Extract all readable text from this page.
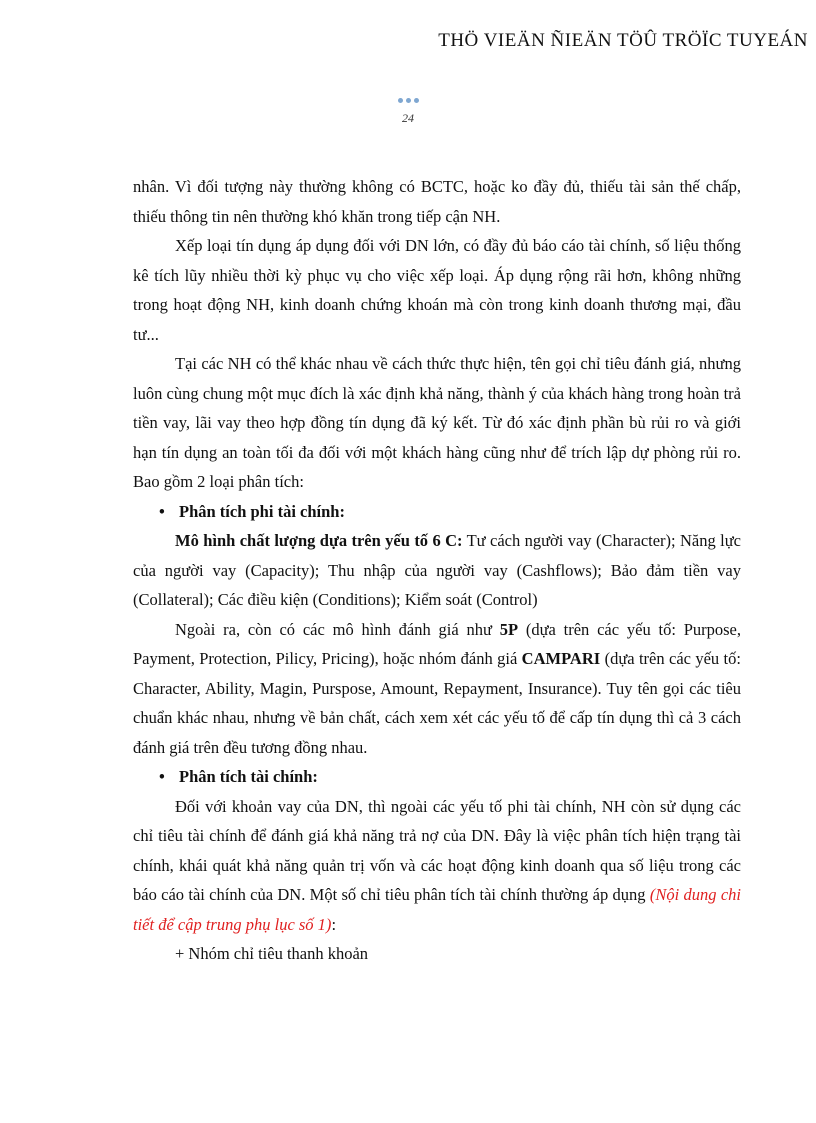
THÖ VIEÄN ÑIEÄN TÖÛ TRÖÏC TUYEÁN
24

nhân. Vì đối tượng này thường không có BCTC, hoặc ko đầy đủ, thiếu tài sản thế chấp, thiếu thông tin nên thường khó khăn trong tiếp cận NH.

Xếp loại tín dụng áp dụng đối với DN lớn, có đầy đủ báo cáo tài chính, số liệu thống kê tích lũy nhiều thời kỳ phục vụ cho việc xếp loại. Áp dụng rộng rãi hơn, không những trong hoạt động NH, kinh doanh chứng khoán mà còn trong kinh doanh thương mại, đầu tư...

Tại các NH có thể khác nhau về cách thức thực hiện, tên gọi chỉ tiêu đánh giá, nhưng luôn cùng chung một mục đích là xác định khả năng, thành ý của khách hàng trong hoàn trả tiền vay, lãi vay theo hợp đồng tín dụng đã ký kết. Từ đó xác định phần bù rủi ro và giới hạn tín dụng an toàn tối đa đối với một khách hàng cũng như để trích lập dự phòng rủi ro. Bao gồm 2 loại phân tích:

• Phân tích phi tài chính:

Mô hình chất lượng dựa trên yếu tố 6 C: Tư cách người vay (Character); Năng lực của người vay (Capacity); Thu nhập của người vay (Cashflows); Bảo đảm tiền vay (Collateral); Các điều kiện (Conditions); Kiểm soát (Control)

Ngoài ra, còn có các mô hình đánh giá như 5P (dựa trên các yếu tố: Purpose, Payment, Protection, Pilicy, Pricing), hoặc nhóm đánh giá CAMPARI (dựa trên các yếu tố: Character, Ability, Magin, Purspose, Amount, Repayment, Insurance). Tuy tên gọi các tiêu chuẩn khác nhau, nhưng về bản chất, cách xem xét các yếu tố để cấp tín dụng thì cả 3 cách đánh giá trên đều tương đồng nhau.

• Phân tích tài chính:

Đối với khoản vay của DN, thì ngoài các yếu tố phi tài chính, NH còn sử dụng các chỉ tiêu tài chính để đánh giá khả năng trả nợ của DN. Đây là việc phân tích hiện trạng tài chính, khái quát khả năng quản trị vốn và các hoạt động kinh doanh qua số liệu trong các báo cáo tài chính của DN. Một số chỉ tiêu phân tích tài chính thường áp dụng (Nội dung chi tiết để cập trung phụ lục số 1):

+ Nhóm chỉ tiêu thanh khoản
